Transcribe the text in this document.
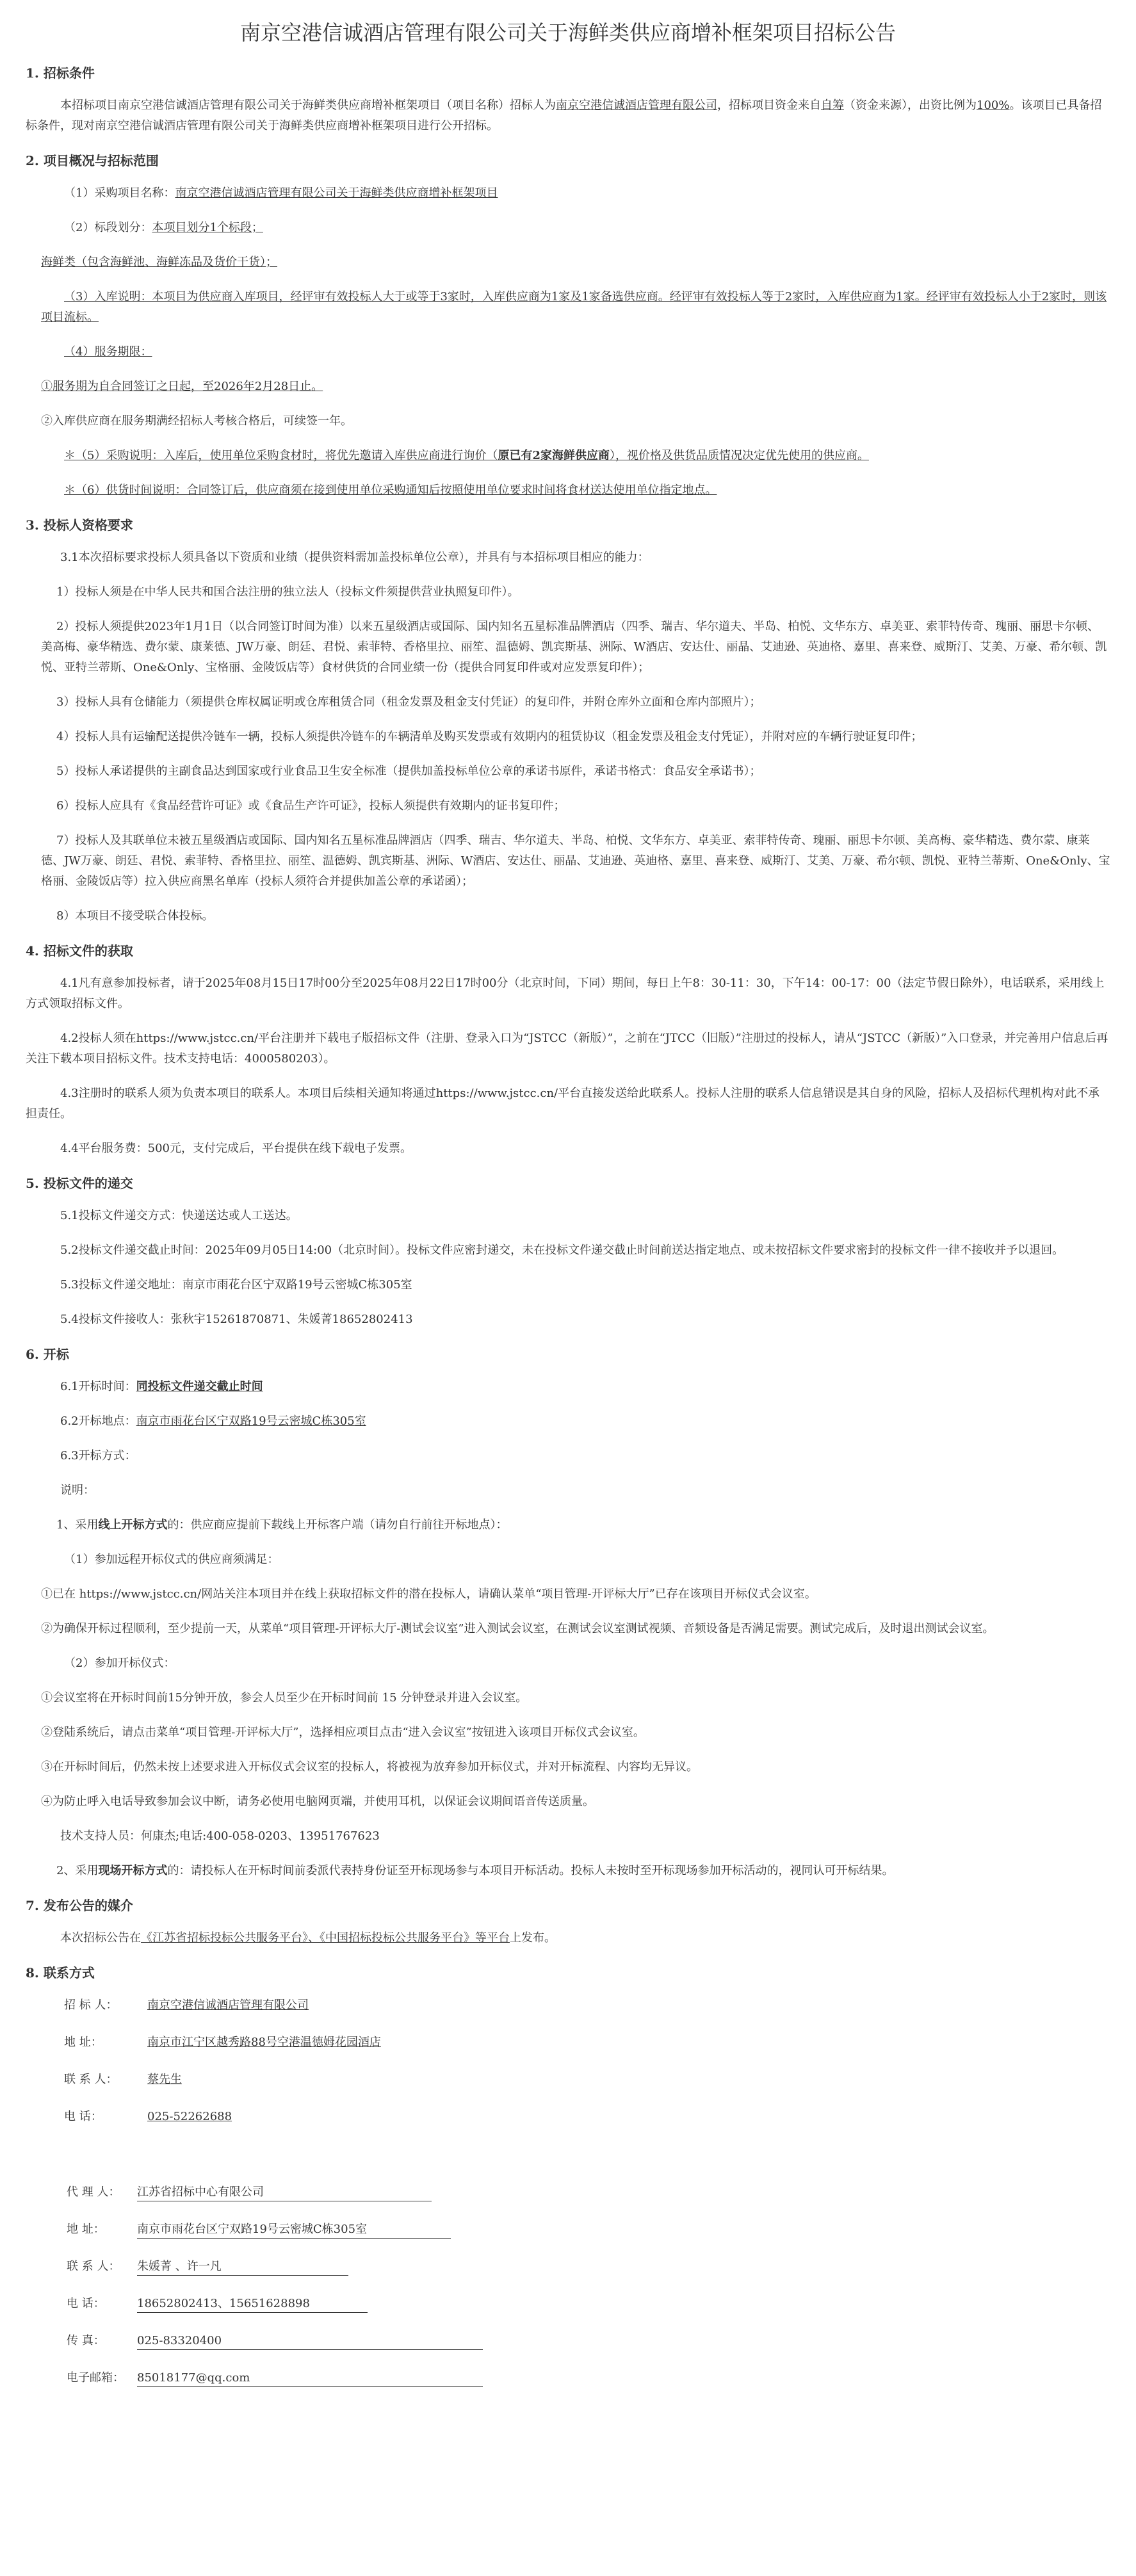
南京空港信诚酒店管理有限公司关于海鲜类供应商增补框架项目招标公告
1. 招标条件

本招标项目南京空港信诚酒店管理有限公司关于海鲜类供应商增补框架项目（项目名称）招标人为南京空港信诚酒店管理有限公司，招标项目资金来自自筹（资金来源），出资比例为100%。该项目已具备招标条件，现对南京空港信诚酒店管理有限公司关于海鲜类供应商增补框架项目进行公开招标。

2. 项目概况与招标范围

（1）采购项目名称：南京空港信诚酒店管理有限公司关于海鲜类供应商增补框架项目

（2）标段划分：本项目划分1个标段；

海鲜类（包含海鲜池、海鲜冻品及货价干货）；

（3）入库说明：本项目为供应商入库项目，经评审有效投标人大于或等于3家时，入库供应商为1家及1家备选供应商。经评审有效投标人等于2家时，入库供应商为1家。经评审有效投标人小于2家时，则该项目流标。

（4）服务期限：

①服务期为自合同签订之日起，至2026年2月28日止。

②入库供应商在服务期满经招标人考核合格后，可续签一年。

＊（5）采购说明：入库后，使用单位采购食材时，将优先邀请入库供应商进行询价（原已有2家海鲜供应商），视价格及供货品质情况决定优先使用的供应商。

＊（6）供货时间说明：合同签订后，供应商须在接到使用单位采购通知后按照使用单位要求时间将食材送达使用单位指定地点。

3. 投标人资格要求

3.1本次招标要求投标人须具备以下资质和业绩（提供资料需加盖投标单位公章），并具有与本招标项目相应的能力：

1）投标人须是在中华人民共和国合法注册的独立法人（投标文件须提供营业执照复印件）。

2）投标人须提供2023年1月1日（以合同签订时间为准）以来五星级酒店或国际、国内知名五星标准品牌酒店（四季、瑞吉、华尔道夫、半岛、柏悦、文华东方、卓美亚、索菲特传奇、瑰丽、丽思卡尔顿、美高梅、豪华精选、费尔蒙、康莱德、JW万豪、朗廷、君悦、索菲特、香格里拉、丽笙、温德姆、凯宾斯基、洲际、W酒店、安达仕、丽晶、艾迪逊、英迪格、嘉里、喜来登、威斯汀、艾美、万豪、希尔顿、凯悦、亚特兰蒂斯、One&Only、宝格丽、金陵饭店等）食材供货的合同业绩一份（提供合同复印件或对应发票复印件）；

3）投标人具有仓储能力（须提供仓库权属证明或仓库租赁合同（租金发票及租金支付凭证）的复印件，并附仓库外立面和仓库内部照片）；

4）投标人具有运输配送提供冷链车一辆，投标人须提供冷链车的车辆清单及购买发票或有效期内的租赁协议（租金发票及租金支付凭证），并附对应的车辆行驶证复印件；

5）投标人承诺提供的主副食品达到国家或行业食品卫生安全标准（提供加盖投标单位公章的承诺书原件，承诺书格式：食品安全承诺书）；

6）投标人应具有《食品经营许可证》或《食品生产许可证》，投标人须提供有效期内的证书复印件；

7）投标人及其联单位未被五星级酒店或国际、国内知名五星标准品牌酒店（四季、瑞吉、华尔道夫、半岛、柏悦、文华东方、卓美亚、索菲特传奇、瑰丽、丽思卡尔顿、美高梅、豪华精选、费尔蒙、康莱德、JW万豪、朗廷、君悦、索菲特、香格里拉、丽笙、温德姆、凯宾斯基、洲际、W酒店、安达仕、丽晶、艾迪逊、英迪格、嘉里、喜来登、威斯汀、艾美、万豪、希尔顿、凯悦、亚特兰蒂斯、One&Only、宝格丽、金陵饭店等）拉入供应商黑名单库（投标人须符合并提供加盖公章的承诺函）；

8）本项目不接受联合体投标。

4. 招标文件的获取

4.1凡有意参加投标者，请于2025年08月15日17时00分至2025年08月22日17时00分（北京时间，下同）期间，每日上午8：30-11：30，下午14：00-17：00（法定节假日除外），电话联系，采用线上方式领取招标文件。

4.2投标人须在https://www.jstcc.cn/平台注册并下载电子版招标文件（注册、登录入口为“JSTCC（新版）”，之前在“JTCC（旧版）”注册过的投标人，请从“JSTCC（新版）”入口登录，并完善用户信息后再关注下载本项目招标文件。技术支持电话：4000580203）。

4.3注册时的联系人须为负责本项目的联系人。本项目后续相关通知将通过https://www.jstcc.cn/平台直接发送给此联系人。投标人注册的联系人信息错误是其自身的风险，招标人及招标代理机构对此不承担责任。

4.4平台服务费：500元，支付完成后，平台提供在线下载电子发票。

5. 投标文件的递交

5.1投标文件递交方式：快递送达或人工送达。

5.2投标文件递交截止时间：2025年09月05日14:00（北京时间）。投标文件应密封递交，未在投标文件递交截止时间前送达指定地点、或未按招标文件要求密封的投标文件一律不接收并予以退回。

5.3投标文件递交地址：南京市雨花台区宁双路19号云密城C栋305室

5.4投标文件接收人：张秋宇15261870871、朱媛菁18652802413

6. 开标

6.1开标时间：同投标文件递交截止时间

6.2开标地点：南京市雨花台区宁双路19号云密城C栋305室

6.3开标方式：

说明：

1、采用线上开标方式的：供应商应提前下载线上开标客户端（请勿自行前往开标地点）：

（1）参加远程开标仪式的供应商须满足：

①已在 https://www.jstcc.cn/网站关注本项目并在线上获取招标文件的潜在投标人，请确认菜单“项目管理-开评标大厅”已存在该项目开标仪式会议室。

②为确保开标过程顺利，至少提前一天，从菜单“项目管理-开评标大厅-测试会议室”进入测试会议室，在测试会议室测试视频、音频设备是否满足需要。测试完成后，及时退出测试会议室。

（2）参加开标仪式：

①会议室将在开标时间前15分钟开放，参会人员至少在开标时间前 15 分钟登录并进入会议室。

②登陆系统后，请点击菜单“项目管理-开评标大厅”，选择相应项目点击“进入会议室”按钮进入该项目开标仪式会议室。

③在开标时间后，仍然未按上述要求进入开标仪式会议室的投标人，将被视为放弃参加开标仪式，并对开标流程、内容均无异议。

④为防止呼入电话导致参加会议中断，请务必使用电脑网页端，并使用耳机，以保证会议期间语音传送质量。

技术支持人员：何康杰;电话:400-058-0203、13951767623

2、采用现场开标方式的：请投标人在开标时间前委派代表持身份证至开标现场参与本项目开标活动。投标人未按时至开标现场参加开标活动的，视同认可开标结果。

7. 发布公告的媒介

本次招标公告在《江苏省招标投标公共服务平台》、《中国招标投标公共服务平台》等平台上发布。

8. 联系方式

招 标 人：	南京空港信诚酒店管理有限公司

地 址：	南京市江宁区越秀路88号空港温德姆花园酒店

联 系 人：	蔡先生

电 话：	025-52262688

代 理 人：江苏省招标中心有限公司

地 址：	南京市雨花台区宁双路19号云密城C栋305室

联 系 人：朱媛菁 、许一凡

电 话：	18652802413、15651628898

传 真：	025-83320400

电子邮箱：85018177@qq.com
